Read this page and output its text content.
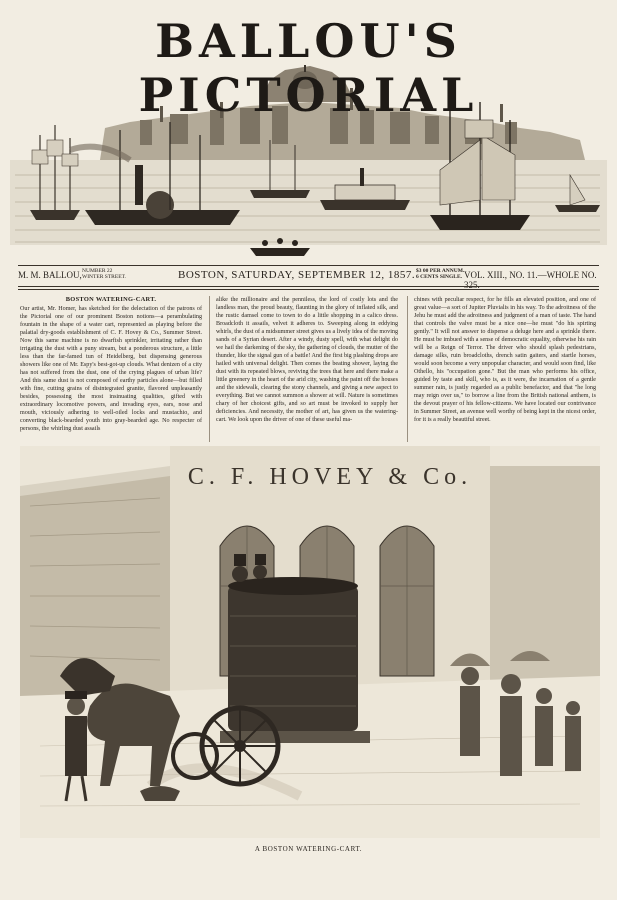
BALLOU'S PICTORIAL
M. M. BALLOU, NUMBER 22
WINTER STREET.	BOSTON, SATURDAY, SEPTEMBER 12, 1857. $3 00 PER ANNUM.
6 CENTS SINGLE. VOL. XIII., NO. 11.—WHOLE NO. 325.
BOSTON WATERING-CART.
Our artist, Mr. Homer, has sketched for the delectation of the patrons of the Pictorial one of our prominent Boston notions—a perambulating fountain in the shape of a water cart, represented as playing before the palatial dry-goods establishment of C. F. Hovey & Co., Summer Street. Now this same machine is no dwarfish sprinkler, irritating rather than irrigating the dust with a puny stream, but a ponderous structure, a little less than the far-famed tun of Heidelberg, but dispensing generous showers like one of Mr. Espy's best-got-up clouds. What denizen of a city has not suffered from the dust, one of the crying plagues of urban life? And this same dust is not composed of earthy particles alone—but filled with fine, cutting grains of disintegrated granite, flavored unpleasantly besides, possessing the most insinuating qualities, gifted with extraordinary locomotive powers, and invading eyes, ears, nose and mouth, viciously adhering to well-oiled locks and mustachio, and converting black-bearded youth into gray-bearded age. No respecter of persons, the whirling dust assails
alike the millionaire and the penniless, the lord of costly lots and the landless man, the proud beauty, flaunting in the glory of inflated silk, and the rustic damsel come to town to do a little shopping in a calico dress. Broadcloth it assails, velvet it adheres to. Sweeping along in eddying whirls, the dust of a midsummer street gives us a lively idea of the moving sands of a Syrian desert. After a windy, dusty spell, with what delight do we hail the darkening of the sky, the gathering of clouds, the mutter of the thunder, like the signal gun of a battle! And the first big plashing drops are hailed with universal delight. Then comes the beating shower, laying the dust with its repeated blows, reviving the trees that here and there make a little greenery in the heart of the arid city, washing the paint off the houses and the sidewalk, clearing the stony channels, and giving a new aspect to everything. But we cannot summon a shower at will. Nature is sometimes chary of her choicest gifts, and so art must be invoked to supply her deficiencies. And necessity, the mother of art, has given us the watering-cart. We look upon the driver of one of these useful ma-
chines with peculiar respect, for he fills an elevated position, and one of great value—a sort of Jupiter Pluvialis in his way. To the adroitness of the Jehu he must add the adroitness and judgment of a man of taste. The hand that controls the valve must be a nice one—he must "do his spirting gently." It will not answer to dispense a deluge here and a sprinkle there. He must be imbued with a sense of democratic equality, otherwise his rain will be a Reign of Terror. The driver who should splash pedestrians, damage silks, ruin broadcloths, drench satin gaiters, and startle horses, would soon become a very unpopular character, and would soon find, like Othello, his "occupation gone." But the man who performs his office, guided by taste and skill, who is, as it were, the incarnation of a gentle summer rain, is justly regarded as a public benefactor, and that "he long may reign over us," to borrow a line from the British national anthem, is the devout prayer of his fellow-citizens. We have located our contrivance in Summer Street, an avenue well worthy of being kept in the nicest order, for it is a really beautiful street.
C. F. HOVEY & Co.
A BOSTON WATERING-CART.
